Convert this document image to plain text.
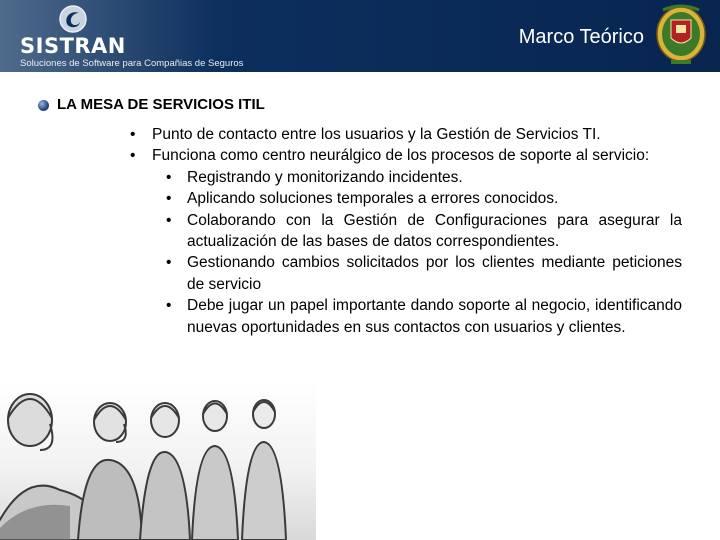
SISTRAN
Soluciones de Software para Compañias de Seguros
Marco Teórico
LA MESA DE SERVICIOS ITIL
• Punto de contacto entre los usuarios y la Gestión de Servicios TI.
• Funciona como centro neurálgico de los procesos de soporte al servicio:
• Registrando y monitorizando incidentes.
• Aplicando soluciones temporales a errores conocidos.
• Colaborando con la Gestión de Configuraciones para asegurar la actualización de las bases de datos correspondientes.
• Gestionando cambios solicitados por los clientes mediante peticiones de servicio
• Debe jugar un papel importante dando soporte al negocio, identificando nuevas oportunidades en sus contactos con usuarios y clientes.
